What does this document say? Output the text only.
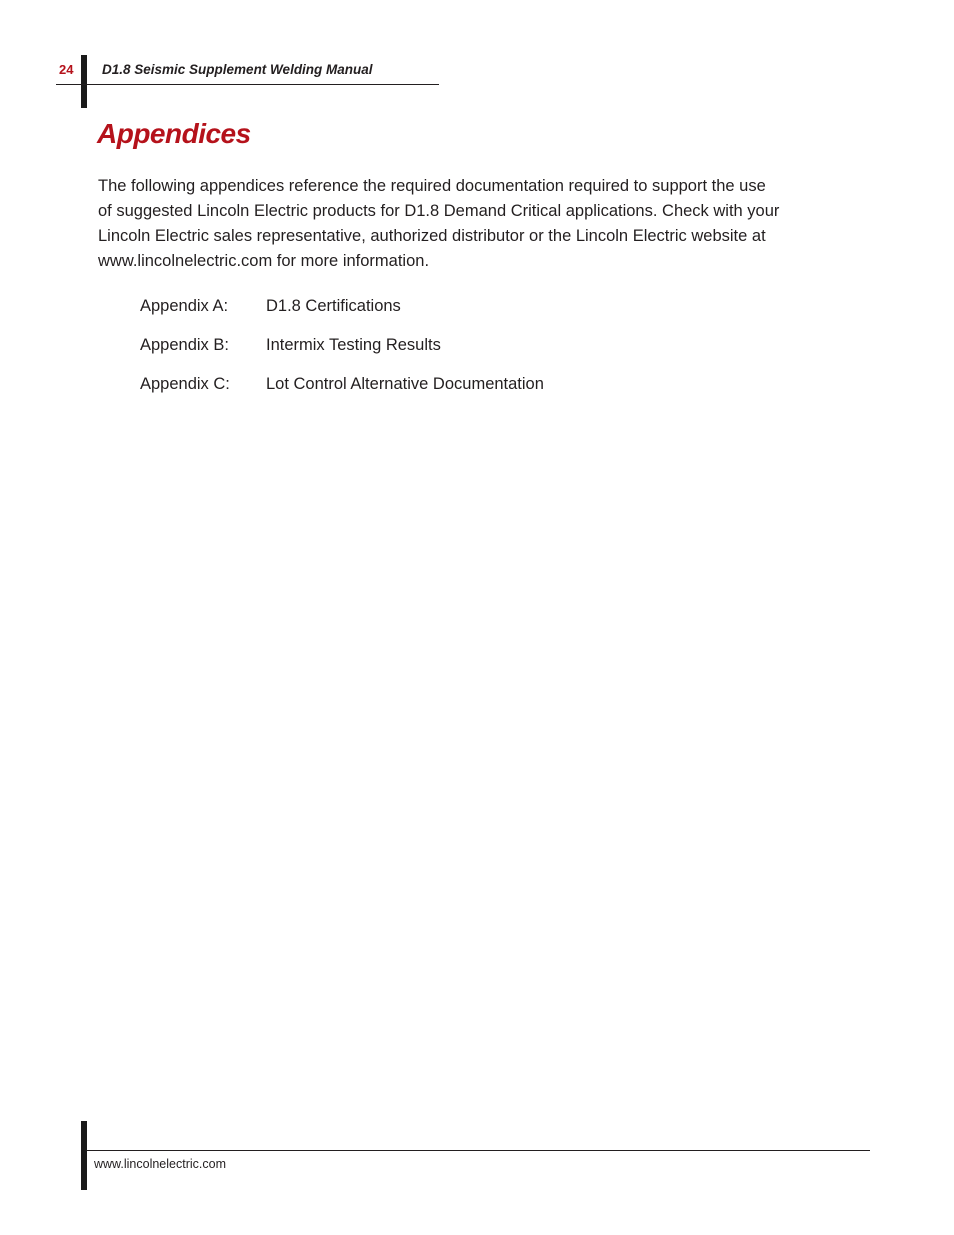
24 D1.8 Seismic Supplement Welding Manual
Appendices

The following appendices reference the required documentation required to support the use
of suggested Lincoln Electric products for D1.8 Demand Critical applications. Check with your
Lincoln Electric sales representative, authorized distributor or the Lincoln Electric website at
www.lincolnelectric.com for more information.

Appendix A: D1.8 Certifications
Appendix B: Intermix Testing Results
Appendix C: Lot Control Alternative Documentation
www.lincolnelectric.com
